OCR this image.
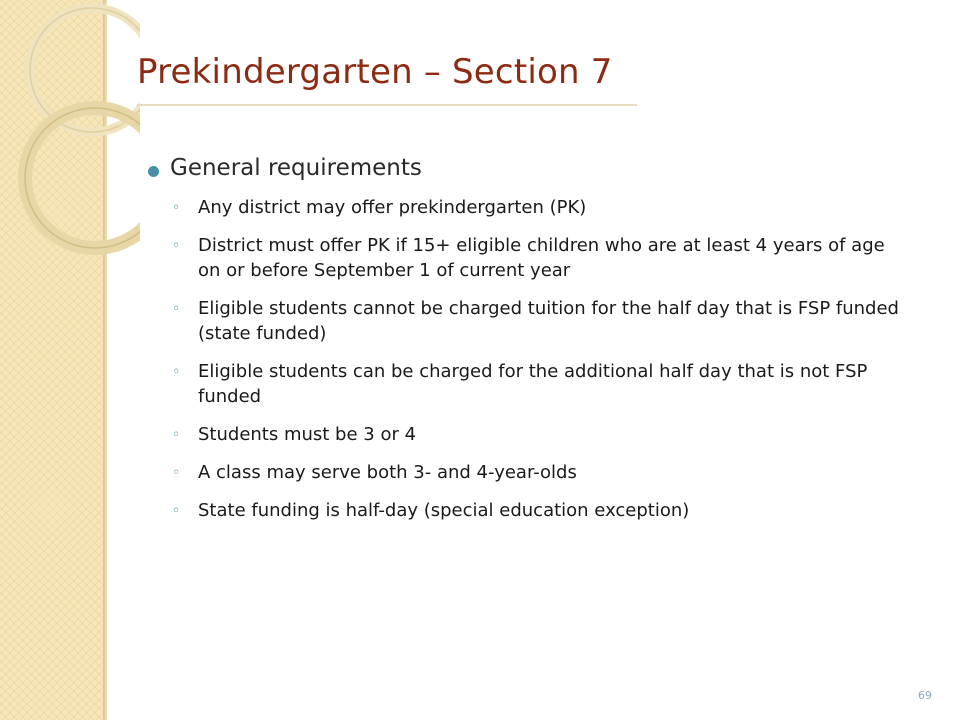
Prekindergarten – Section 7
General requirements
◦ Any district may offer prekindergarten (PK)
◦ District must offer PK if 15+ eligible children who are at least 4 years of age on or before September 1 of current year
◦ Eligible students cannot be charged tuition for the half day that is FSP funded (state funded)
◦ Eligible students can be charged for the additional half day that is not FSP funded
◦ Students must be 3 or 4
◦ A class may serve both 3- and 4-year-olds
◦ State funding is half-day (special education exception)
69
